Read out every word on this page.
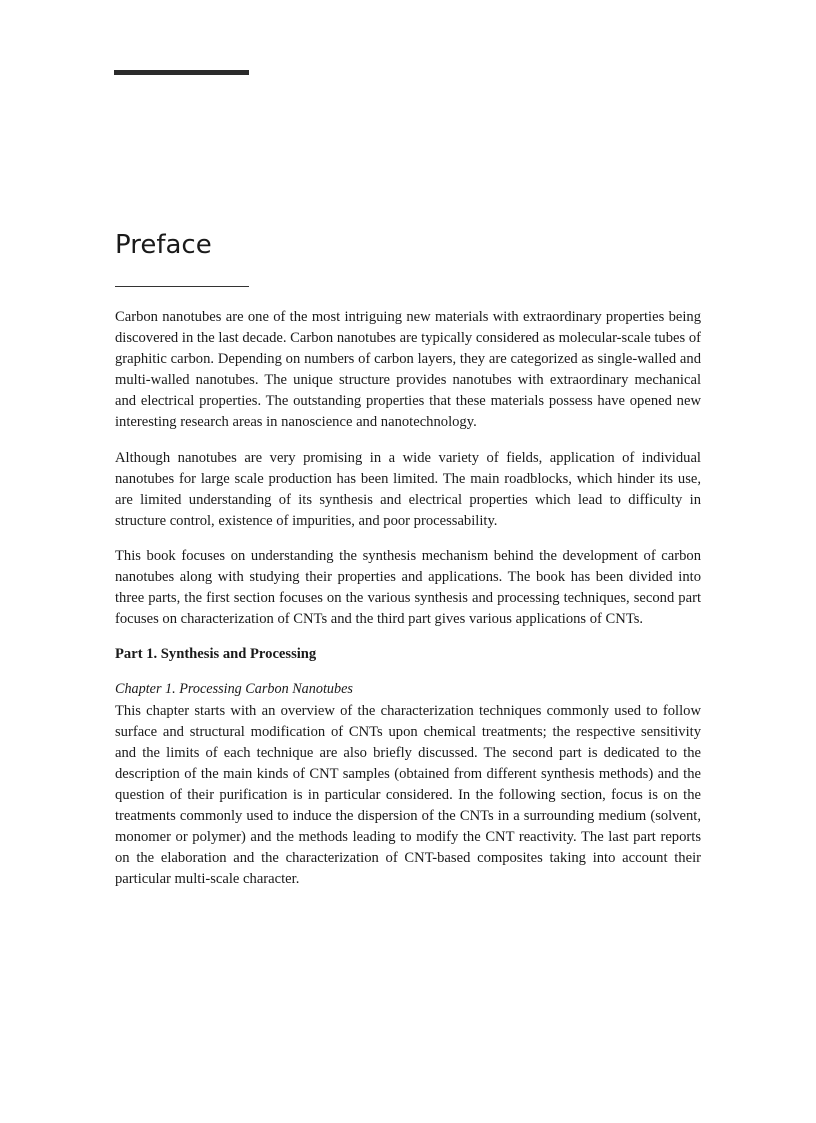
Preface

Carbon nanotubes are one of the most intriguing new materials with extraordinary properties being discovered in the last decade. Carbon nanotubes are typically considered as molecular-scale tubes of graphitic carbon. Depending on numbers of carbon layers, they are categorized as single-walled and multi-walled nanotubes. The unique structure provides nanotubes with extraordinary mechanical and electrical properties. The outstanding properties that these materials possess have opened new interesting research areas in nanoscience and nanotechnology.

Although nanotubes are very promising in a wide variety of fields, application of individual nanotubes for large scale production has been limited. The main roadblocks, which hinder its use, are limited understanding of its synthesis and electrical properties which lead to difficulty in structure control, existence of impurities, and poor processability.

This book focuses on understanding the synthesis mechanism behind the development of carbon nanotubes along with studying their properties and applications. The book has been divided into three parts, the first section focuses on the various synthesis and processing techniques, second part focuses on characterization of CNTs and the third part gives various applications of CNTs.

Part 1. Synthesis and Processing
Chapter 1. Processing Carbon Nanotubes
This chapter starts with an overview of the characterization techniques commonly used to follow surface and structural modification of CNTs upon chemical treatments; the respective sensitivity and the limits of each technique are also briefly discussed. The second part is dedicated to the description of the main kinds of CNT samples (obtained from different synthesis methods) and the question of their purification is in particular considered. In the following section, focus is on the treatments commonly used to induce the dispersion of the CNTs in a surrounding medium (solvent, monomer or polymer) and the methods leading to modify the CNT reactivity. The last part reports on the elaboration and the characterization of CNT-based composites taking into account their particular multi-scale character.
